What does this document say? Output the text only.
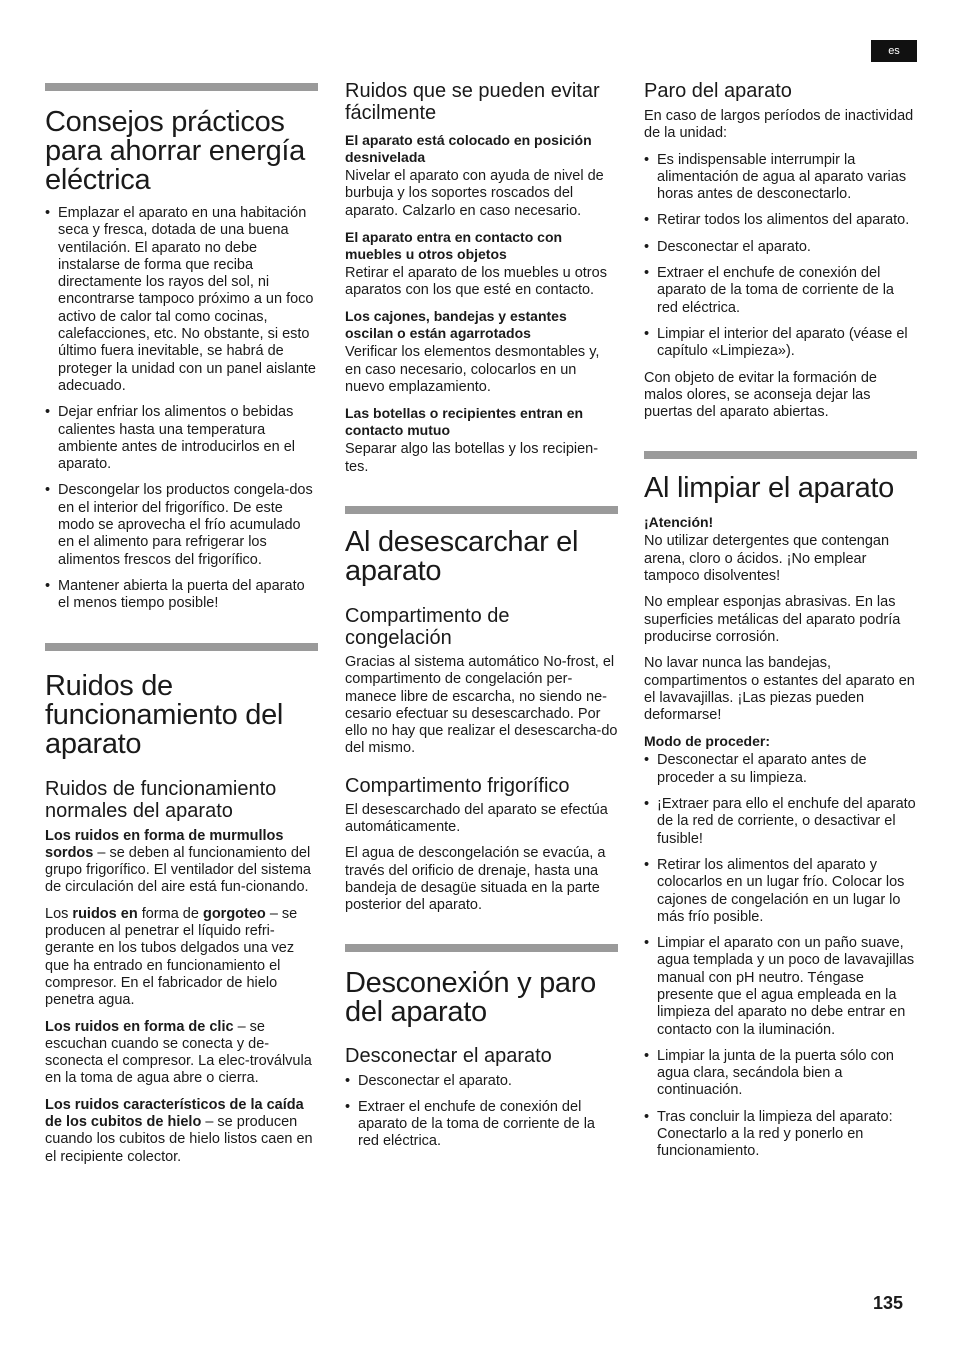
es
Consejos prácticos para ahorrar energía eléctrica
• Emplazar el aparato en una habitación seca y fresca, dotada de una buena ventilación. El aparato no debe instalarse de forma que reciba directamente los rayos del sol, ni encontrarse tampoco próximo a un foco activo de calor tal como cocinas, calefacciones, etc. No obstante, si esto último fuera inevitable, se habrá de proteger la unidad con un panel aislante adecuado.
• Dejar enfriar los alimentos o bebidas calientes hasta una temperatura ambiente antes de introducirlos en el aparato.
• Descongelar los productos congela-dos en el interior del frigorífico. De este modo se aprovecha el frío acumulado en el alimento para refrigerar los alimentos frescos del frigorífico.
• Mantener abierta la puerta del aparato el menos tiempo posible!
Ruidos de funcionamiento del aparato
Ruidos de funcionamiento normales del aparato

Los ruidos en forma de murmullos sordos – se deben al funcionamiento del grupo frigorífico. El ventilador del sistema de circulación del aire está fun-cionando.

Los ruidos en forma de gorgoteo – se producen al penetrar el líquido refri-gerante en los tubos delgados una vez que ha entrado en funcionamiento el compresor. En el fabricador de hielo penetra agua.

Los ruidos en forma de clic – se escuchan cuando se conecta y de-sconecta el compresor. La elec-troválvula en la toma de agua abre o cierra.

Los ruidos característicos de la caída de los cubitos de hielo – se producen cuando los cubitos de hielo listos caen en el recipiente colector.

Ruidos que se pueden evitar fácilmente
El aparato está colocado en posición desnivelada

Nivelar el aparato con ayuda de nivel de burbuja y los soportes roscados del aparato. Calzarlo en caso necesario.

El aparato entra en contacto con muebles u otros objetos

Retirar el aparato de los muebles u otros aparatos con los que esté en contacto.

Los cajones, bandejas y estantes oscilan o están agarrotados

Verificar los elementos desmontables y, en caso necesario, colocarlos en un nuevo emplazamiento.

Las botellas o recipientes entran en contacto mutuo

Separar algo las botellas y los recipien-tes.

Al desescarchar el aparato
Compartimento de congelación

Gracias al sistema automático No-frost, el compartimento de congelación per-manece libre de escarcha, no siendo ne-cesario efectuar su desescarchado. Por ello no hay que realizar el desescarcha-do del mismo.

Compartimento frigorífico

El desescarchado del aparato se efectúa automáticamente.

El agua de descongelación se evacúa, a través del orificio de drenaje, hasta una bandeja de desagüe situada en la parte posterior del aparato.

Desconexión y paro del aparato
Desconectar el aparato
• Desconectar el aparato.
• Extraer el enchufe de conexión del aparato de la toma de corriente de la red eléctrica.
Paro del aparato

En caso de largos períodos de inactividad de la unidad:

• Es indispensable interrumpir la alimentación de agua al aparato varias horas antes de desconectarlo.
• Retirar todos los alimentos del aparato.
• Desconectar el aparato.
• Extraer el enchufe de conexión del aparato de la toma de corriente de la red eléctrica.
• Limpiar el interior del aparato (véase el capítulo «Limpieza»).

Con objeto de evitar la formación de malos olores, se aconseja dejar las puertas del aparato abiertas.

Al limpiar el aparato
¡Atención!

No utilizar detergentes que contengan arena, cloro o ácidos. ¡No emplear tampoco disolventes!

No emplear esponjas abrasivas. En las superficies metálicas del aparato podría producirse corrosión.

No lavar nunca las bandejas, compartimentos o estantes del aparato en el lavavajillas. ¡Las piezas pueden deformarse!

Modo de proceder:
• Desconectar el aparato antes de proceder a su limpieza.
• ¡Extraer para ello el enchufe del aparato de la red de corriente, o desactivar el fusible!
• Retirar los alimentos del aparato y colocarlos en un lugar frío. Colocar los cajones de congelación en un lugar lo más frío posible.
• Limpiar el aparato con un paño suave, agua templada y un poco de lavavajillas manual con pH neutro. Téngase presente que el agua empleada en la limpieza del aparato no debe entrar en contacto con la iluminación.
• Limpiar la junta de la puerta sólo con agua clara, secándola bien a continuación.
• Tras concluir la limpieza del aparato: Conectarlo a la red y ponerlo en funcionamiento.
135
